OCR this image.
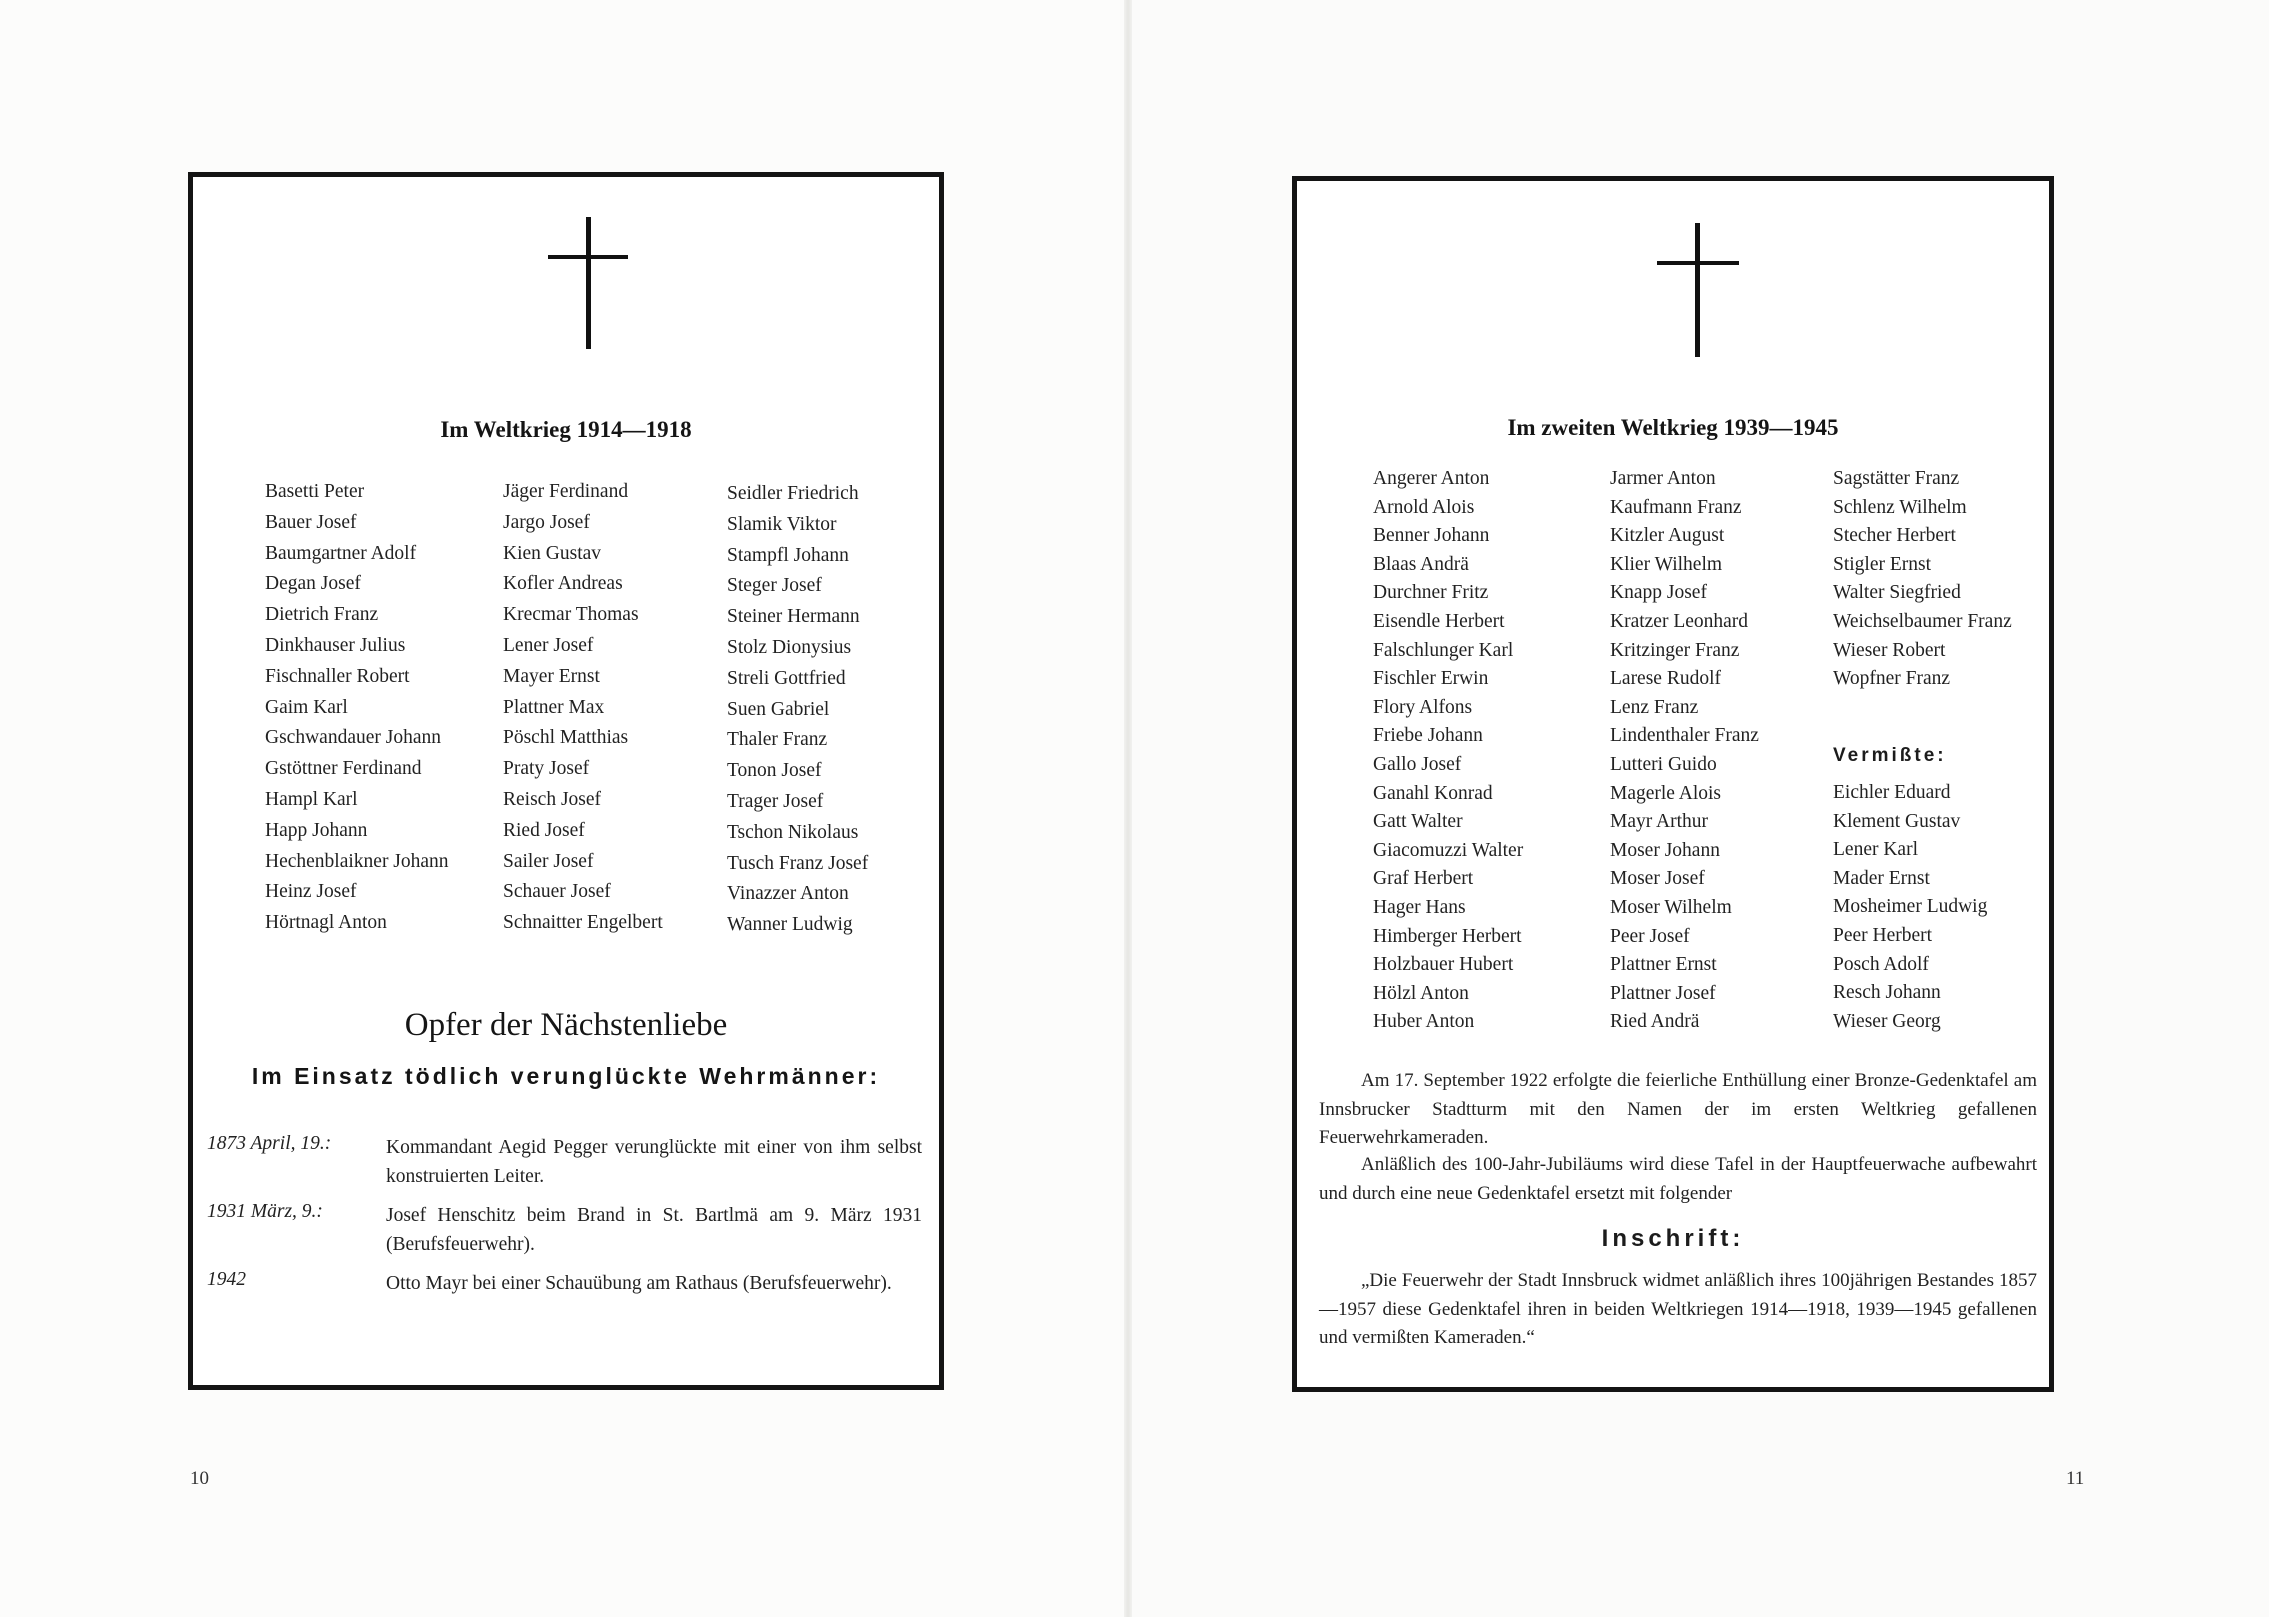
Im Weltkrieg 1914—1918
Basetti Peter
Bauer Josef
Baumgartner Adolf
Degan Josef
Dietrich Franz
Dinkhauser Julius
Fischnaller Robert
Gaim Karl
Gschwandauer Johann
Gstöttner Ferdinand
Hampl Karl
Happ Johann
Hechenblaikner Johann
Heinz Josef
Hörtnagl Anton
Jäger Ferdinand
Jargo Josef
Kien Gustav
Kofler Andreas
Krecmar Thomas
Lener Josef
Mayer Ernst
Plattner Max
Pöschl Matthias
Praty Josef
Reisch Josef
Ried Josef
Sailer Josef
Schauer Josef
Schnaitter Engelbert
Seidler Friedrich
Slamik Viktor
Stampfl Johann
Steger Josef
Steiner Hermann
Stolz Dionysius
Streli Gottfried
Suen Gabriel
Thaler Franz
Tonon Josef
Trager Josef
Tschon Nikolaus
Tusch Franz Josef
Vinazzer Anton
Wanner Ludwig
Opfer der Nächstenliebe
Im Einsatz tödlich verunglückte Wehrmänner:
1873 April, 19.:	Kommandant Aegid Pegger verunglückte mit einer von ihm selbst konstruierten Leiter.
1931 März, 9.:	Josef Henschitz beim Brand in St. Bartlmä am 9. März 1931 (Berufsfeuerwehr).
1942	Otto Mayr bei einer Schauübung am Rathaus (Berufsfeuerwehr).
10
Im zweiten Weltkrieg 1939—1945
Angerer Anton
Arnold Alois
Benner Johann
Blaas Andrä
Durchner Fritz
Eisendle Herbert
Falschlunger Karl
Fischler Erwin
Flory Alfons
Friebe Johann
Gallo Josef
Ganahl Konrad
Gatt Walter
Giacomuzzi Walter
Graf Herbert
Hager Hans
Himberger Herbert
Holzbauer Hubert
Hölzl Anton
Huber Anton
Jarmer Anton
Kaufmann Franz
Kitzler August
Klier Wilhelm
Knapp Josef
Kratzer Leonhard
Kritzinger Franz
Larese Rudolf
Lenz Franz
Lindenthaler Franz
Lutteri Guido
Magerle Alois
Mayr Arthur
Moser Johann
Moser Josef
Moser Wilhelm
Peer Josef
Plattner Ernst
Plattner Josef
Ried Andrä
Sagstätter Franz
Schlenz Wilhelm
Stecher Herbert
Stigler Ernst
Walter Siegfried
Weichselbaumer Franz
Wieser Robert
Wopfner Franz
Vermißte:
Eichler Eduard
Klement Gustav
Lener Karl
Mader Ernst
Mosheimer Ludwig
Peer Herbert
Posch Adolf
Resch Johann
Wieser Georg
Am 17. September 1922 erfolgte die feierliche Enthüllung einer Bronze-Gedenktafel am Innsbrucker Stadtturm mit den Namen der im ersten Weltkrieg gefallenen Feuerwehrkameraden.
Anläßlich des 100-Jahr-Jubiläums wird diese Tafel in der Hauptfeuerwache aufbewahrt und durch eine neue Gedenktafel ersetzt mit folgender
Inschrift:
„Die Feuerwehr der Stadt Innsbruck widmet anläßlich ihres 100jährigen Bestandes 1857—1957 diese Gedenktafel ihren in beiden Weltkriegen 1914—1918, 1939—1945 gefallenen und vermißten Kameraden.“
11
